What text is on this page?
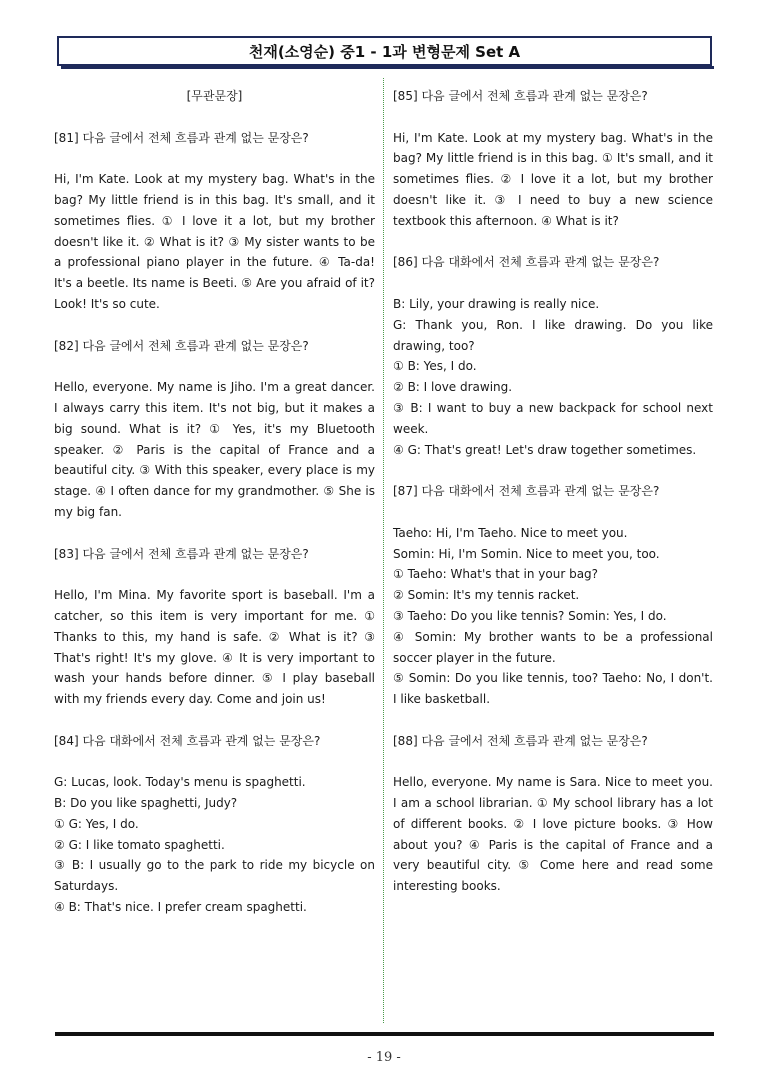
천재(소영순) 중1 - 1과 변형문제 Set A

[무관문장]

[81] 다음 글에서 전체 흐름과 관계 없는 문장은?

Hi, I'm Kate. Look at my mystery bag. What's in the bag? My little friend is in this bag. It's small, and it sometimes flies. ① I love it a lot, but my brother doesn't like it. ② What is it? ③ My sister wants to be a professional piano player in the future. ④ Ta-da! It's a beetle. Its name is Beeti. ⑤ Are you afraid of it? Look! It's so cute.

[82] 다음 글에서 전체 흐름과 관계 없는 문장은?

Hello, everyone. My name is Jiho. I'm a great dancer. I always carry this item. It's not big, but it makes a big sound. What is it? ① Yes, it's my Bluetooth speaker. ② Paris is the capital of France and a beautiful city. ③ With this speaker, every place is my stage. ④ I often dance for my grandmother. ⑤ She is my big fan.

[83] 다음 글에서 전체 흐름과 관계 없는 문장은?

Hello, I'm Mina. My favorite sport is baseball. I'm a catcher, so this item is very important for me. ① Thanks to this, my hand is safe. ② What is it? ③ That's right! It's my glove. ④ It is very important to wash your hands before dinner. ⑤ I play baseball with my friends every day. Come and join us!

[84] 다음 대화에서 전체 흐름과 관계 없는 문장은?

G: Lucas, look. Today's menu is spaghetti.

B: Do you like spaghetti, Judy?

① G: Yes, I do.

② G: I like tomato spaghetti.

③ B: I usually go to the park to ride my bicycle on Saturdays.

④ B: That's nice. I prefer cream spaghetti.

[85] 다음 글에서 전체 흐름과 관계 없는 문장은?

Hi, I'm Kate. Look at my mystery bag. What's in the bag? My little friend is in this bag. ① It's small, and it sometimes flies. ② I love it a lot, but my brother doesn't like it. ③ I need to buy a new science textbook this afternoon. ④ What is it?

[86] 다음 대화에서 전체 흐름과 관계 없는 문장은?

B: Lily, your drawing is really nice.

G: Thank you, Ron. I like drawing. Do you like drawing, too?

① B: Yes, I do.

② B: I love drawing.

③ B: I want to buy a new backpack for school next week.

④ G: That's great! Let's draw together sometimes.

[87] 다음 대화에서 전체 흐름과 관계 없는 문장은?

Taeho: Hi, I'm Taeho. Nice to meet you.

Somin: Hi, I'm Somin. Nice to meet you, too.

① Taeho: What's that in your bag?

② Somin: It's my tennis racket.

③ Taeho: Do you like tennis? Somin: Yes, I do.

④ Somin: My brother wants to be a professional soccer player in the future.

⑤ Somin: Do you like tennis, too? Taeho: No, I don't. I like basketball.

[88] 다음 글에서 전체 흐름과 관계 없는 문장은?

Hello, everyone. My name is Sara. Nice to meet you. I am a school librarian. ① My school library has a lot of different books. ② I love picture books. ③ How about you? ④ Paris is the capital of France and a very beautiful city. ⑤ Come here and read some interesting books.

- 19 -
